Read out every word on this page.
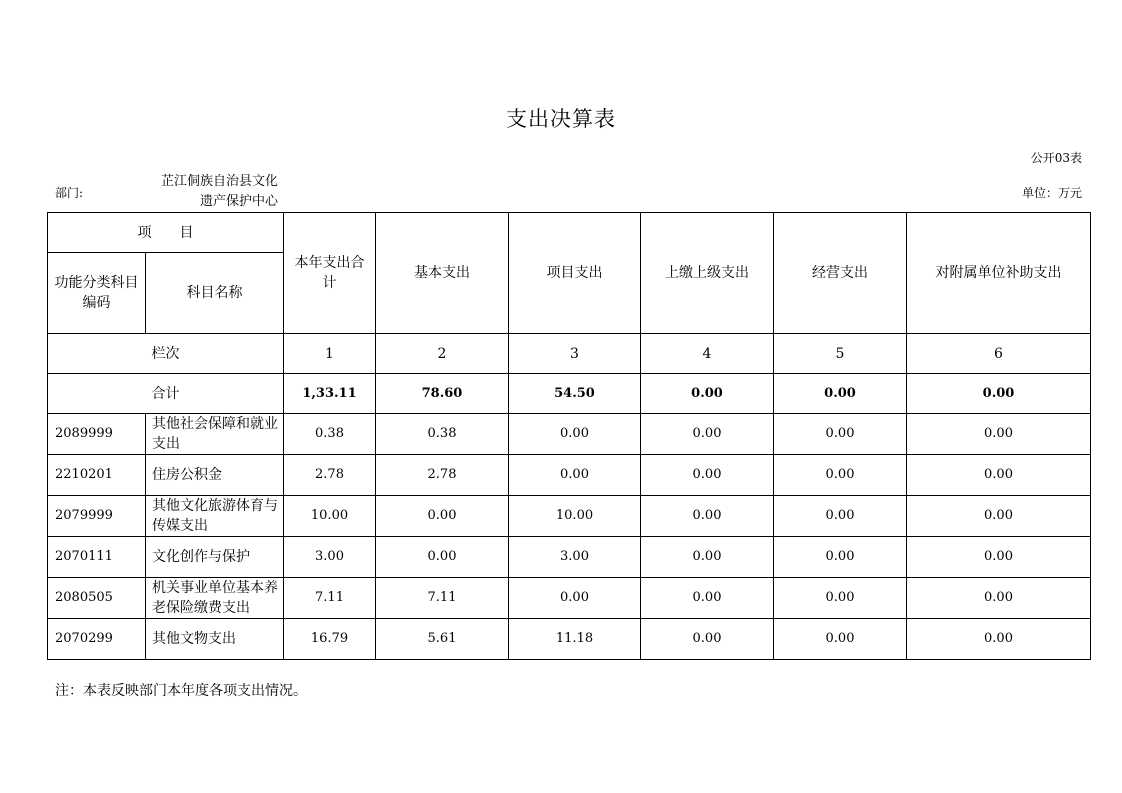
支出决算表
公开03表
部门:
芷江侗族自治县文化遗产保护中心
单位：万元
项　　目		本年支出合计	基本支出	项目支出	上缴上级支出	经营支出	对附属单位补助支出
功能分类科目编码	科目名称						
栏次		1	2	3	4	5	6
合计		1,33.11	78.60	54.50	0.00	0.00	0.00
2089999	其他社会保障和就业支出	0.38	0.38	0.00	0.00	0.00	0.00
2210201	住房公积金	2.78	2.78	0.00	0.00	0.00	0.00
2079999	其他文化旅游体育与传媒支出	10.00	0.00	10.00	0.00	0.00	0.00
2070111	文化创作与保护	3.00	0.00	3.00	0.00	0.00	0.00
2080505	机关事业单位基本养老保险缴费支出	7.11	7.11	0.00	0.00	0.00	0.00
2070299	其他文物支出	16.79	5.61	11.18	0.00	0.00	0.00
注：本表反映部门本年度各项支出情况。
